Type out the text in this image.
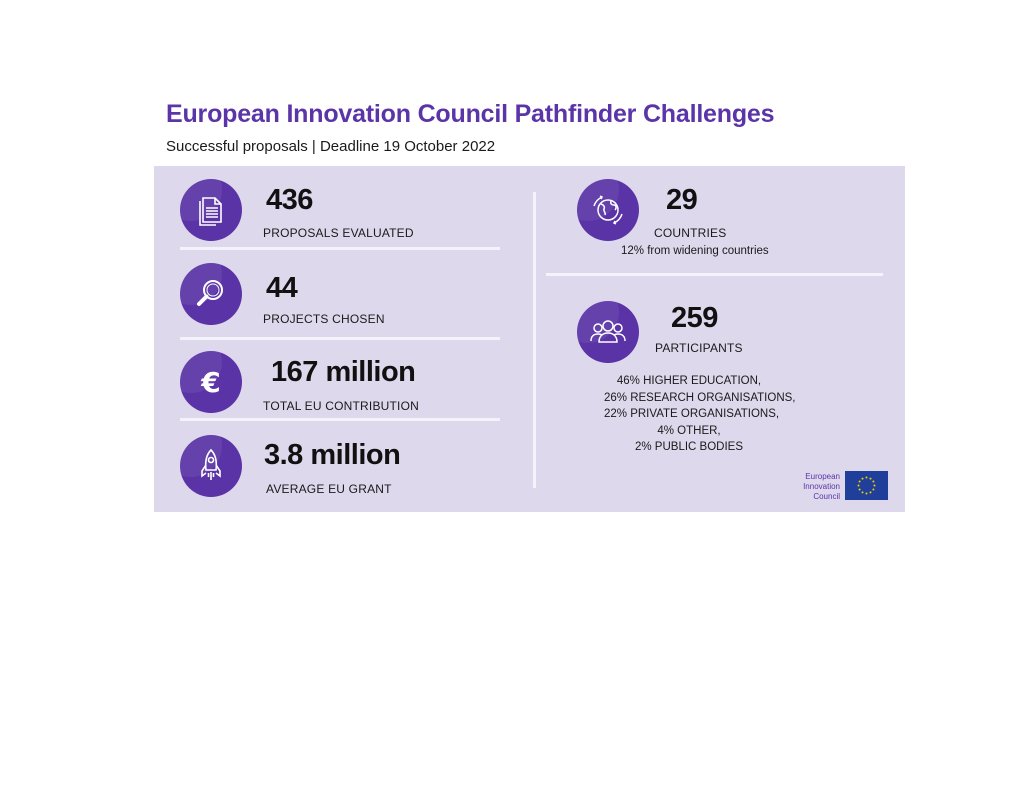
European Innovation Council Pathfinder Challenges
Successful proposals | Deadline 19 October 2022
436
PROPOSALS EVALUATED
44
PROJECTS CHOSEN
€ 167 million
TOTAL EU CONTRIBUTION
3.8 million
AVERAGE EU GRANT
29
COUNTRIES
12% from widening countries
259
PARTICIPANTS
46% HIGHER EDUCATION,
26% RESEARCH ORGANISATIONS,
22% PRIVATE ORGANISATIONS,
4% OTHER,
2% PUBLIC BODIES
European
Innovation
Council
